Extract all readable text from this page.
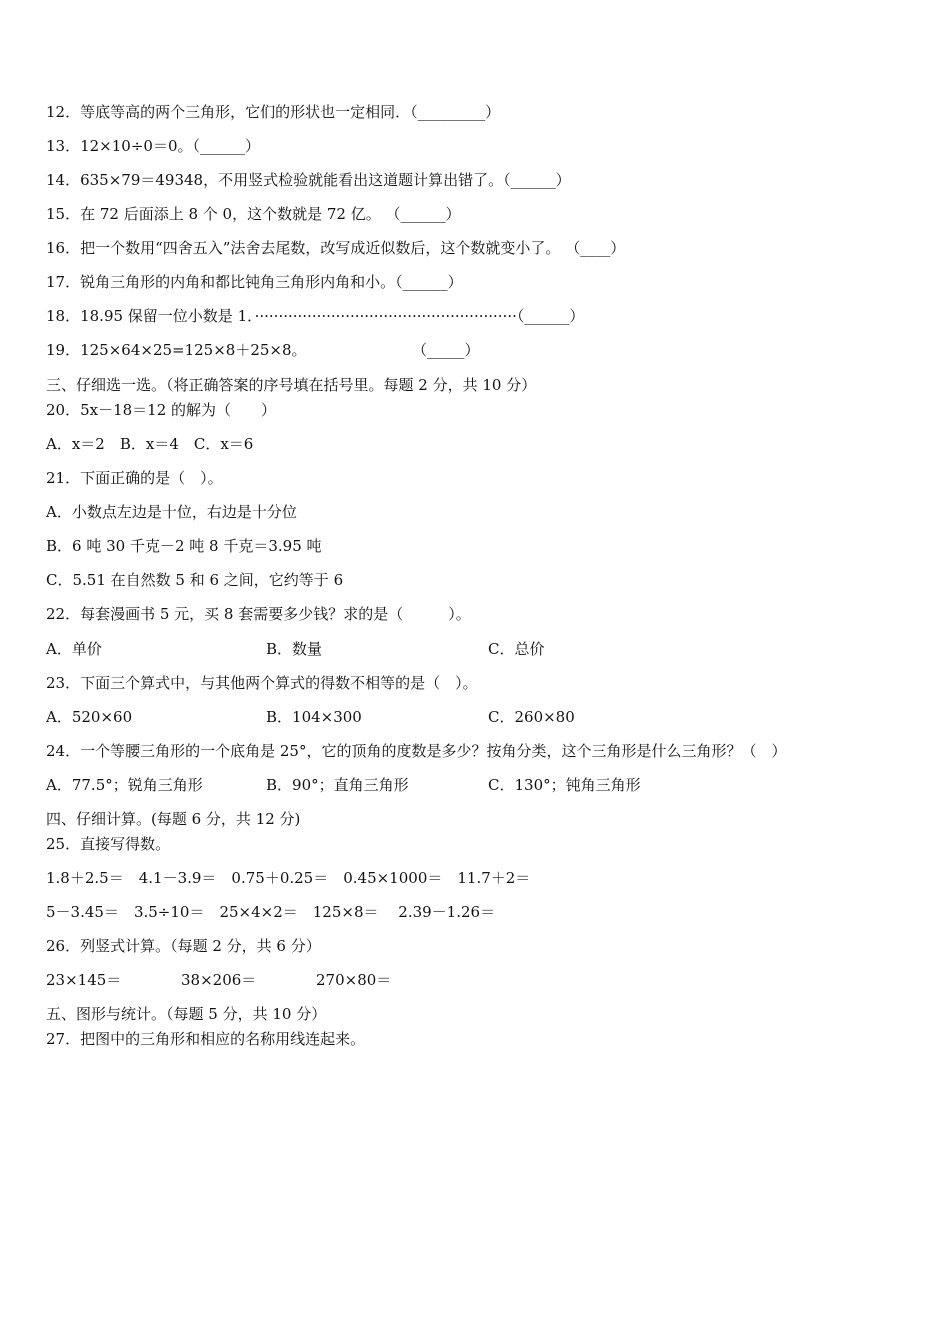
12．等底等高的两个三角形，它们的形状也一定相同．（_________）
13．12×10÷0＝0。（______）
14．635×79＝49348，不用竖式检验就能看出这道题计算出错了。（______）
15．在 72 后面添上 8 个 0，这个数就是 72 亿。 （______）
16．把一个数用“四舍五入”法舍去尾数，改写成近似数后，这个数就变小了。 （____）
17．锐角三角形的内角和都比钝角三角形内角和小。（______）
18．18.95 保留一位小数是 1．·······················································（______）
19．125×64×25=125×8＋25×8。	（_____）
三、仔细选一选。（将正确答案的序号填在括号里。每题 2 分，共 10 分）
20．5x－18＝12 的解为（　　）
A．x＝2　B．x＝4　C．x＝6
21．下面正确的是（　）。
A．小数点左边是十位，右边是十分位
B．6 吨 30 千克－2 吨 8 千克＝3.95 吨
C．5.51 在自然数 5 和 6 之间，它约等于 6
22．每套漫画书 5 元，买 8 套需要多少钱？求的是（　　　）。
A．单价	B．数量	C．总价
23．下面三个算式中，与其他两个算式的得数不相等的是（　）。
A．520×60	B．104×300	C．260×80
24．一个等腰三角形的一个底角是 25°，它的顶角的度数是多少？按角分类，这个三角形是什么三角形？（　）
A．77.5°；锐角三角形	B．90°；直角三角形	C．130°；钝角三角形
四、仔细计算。(每题 6 分，共 12 分)
25．直接写得数。
1.8＋2.5＝　4.1－3.9＝　0.75＋0.25＝　0.45×1000＝　11.7＋2＝
5－3.45＝　3.5÷10＝　25×4×2＝　125×8＝　 2.39－1.26＝
26．列竖式计算。（每题 2 分，共 6 分）
23×145＝	38×206＝	270×80＝
五、图形与统计。（每题 5 分，共 10 分）
27．把图中的三角形和相应的名称用线连起来。
